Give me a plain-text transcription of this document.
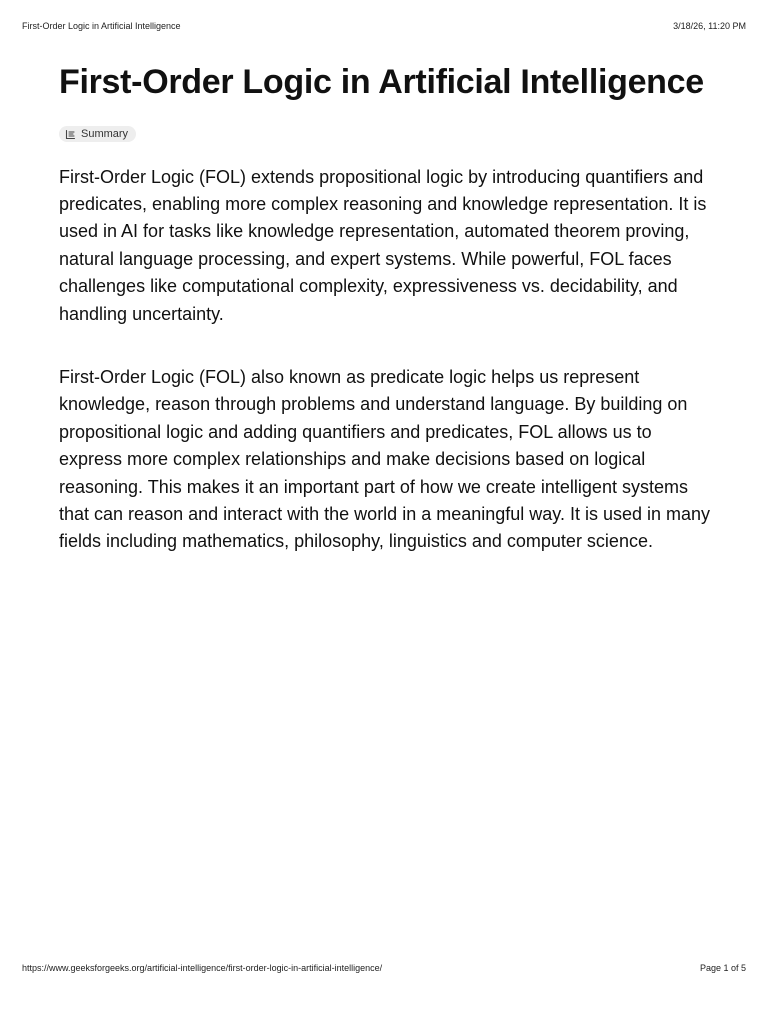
First-Order Logic in Artificial Intelligence	3/18/26, 11:20 PM
First-Order Logic in Artificial Intelligence
Summary

First-Order Logic (FOL) extends propositional logic by introducing quantifiers and predicates, enabling more complex reasoning and knowledge representation. It is used in AI for tasks like knowledge representation, automated theorem proving, natural language processing, and expert systems. While powerful, FOL faces challenges like computational complexity, expressiveness vs. decidability, and handling uncertainty.

First-Order Logic (FOL) also known as predicate logic helps us represent knowledge, reason through problems and understand language. By building on propositional logic and adding quantifiers and predicates, FOL allows us to express more complex relationships and make decisions based on logical reasoning. This makes it an important part of how we create intelligent systems that can reason and interact with the world in a meaningful way. It is used in many fields including mathematics, philosophy, linguistics and computer science.

https://www.geeksforgeeks.org/artificial-intelligence/first-order-logic-in-artificial-intelligence/	Page 1 of 5
